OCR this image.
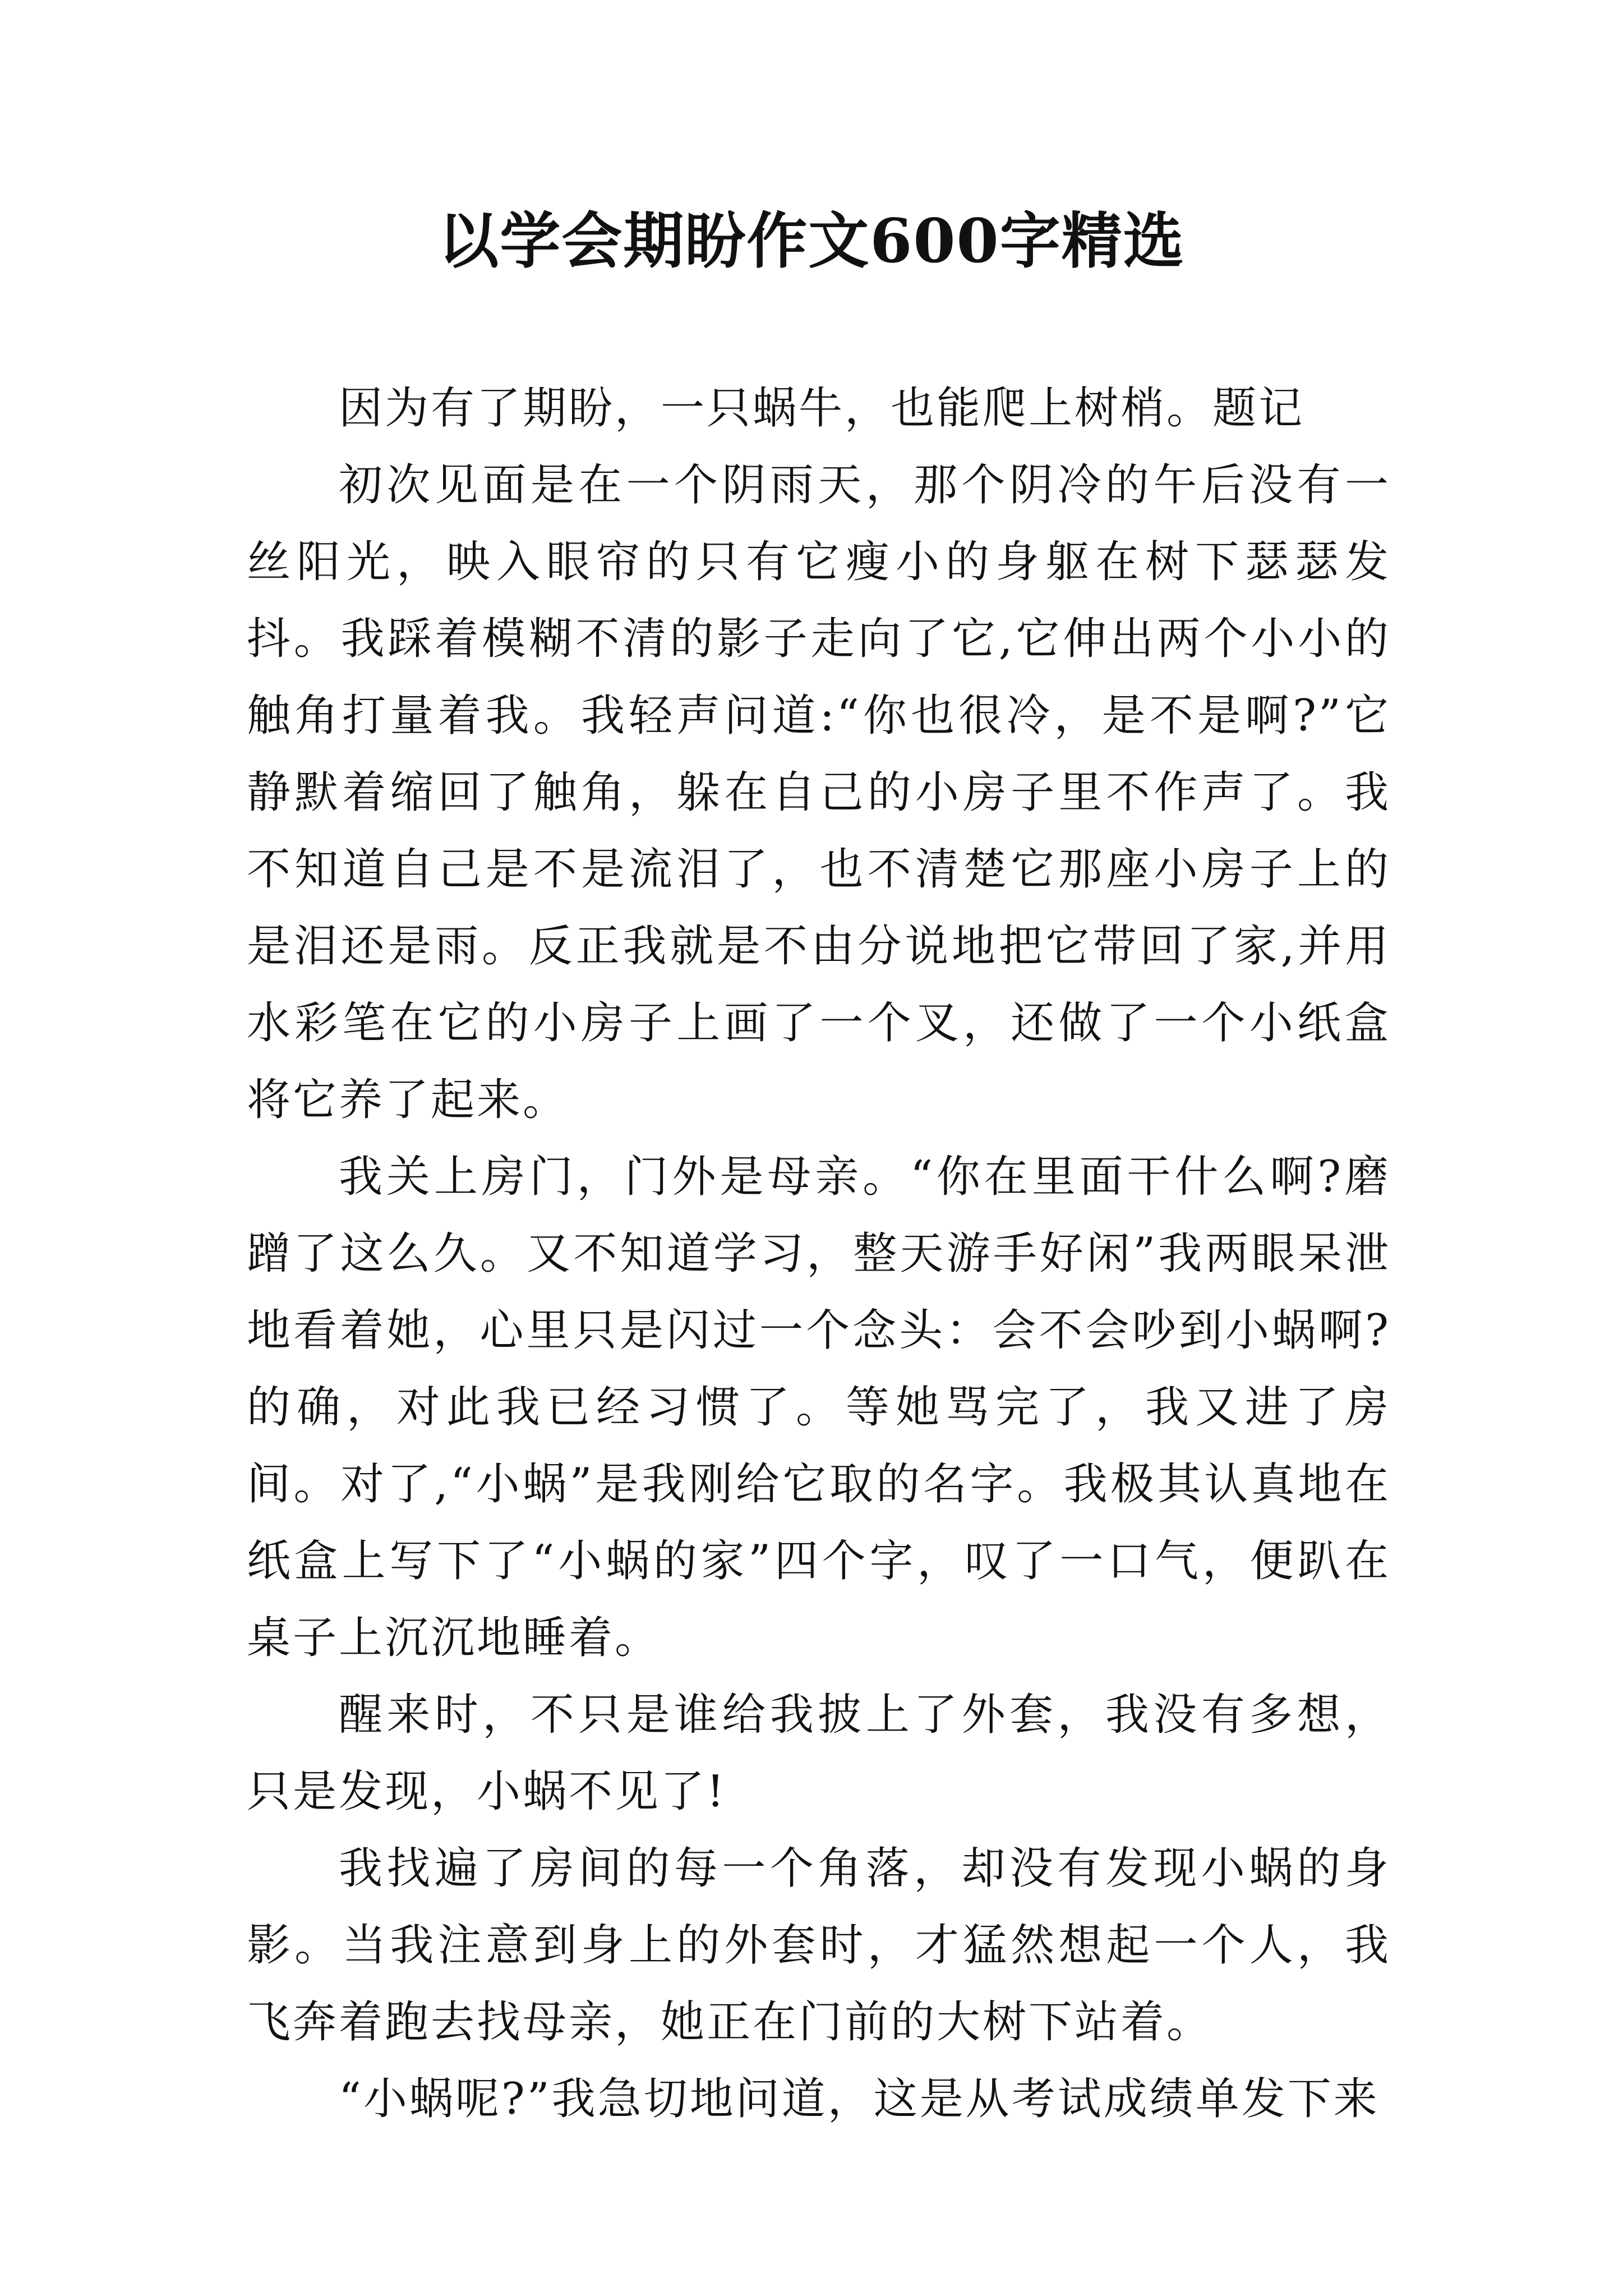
以学会期盼作文600字精选

因为有了期盼，一只蜗牛，也能爬上树梢。题记

初次见面是在一个阴雨天，那个阴冷的午后没有一丝阳光，映入眼帘的只有它瘦小的身躯在树下瑟瑟发抖。我踩着模糊不清的影子走向了它,它伸出两个小小的触角打量着我。我轻声问道:“你也很冷，是不是啊?”它静默着缩回了触角，躲在自己的小房子里不作声了。我不知道自己是不是流泪了，也不清楚它那座小房子上的是泪还是雨。反正我就是不由分说地把它带回了家,并用水彩笔在它的小房子上画了一个叉，还做了一个小纸盒将它养了起来。

我关上房门，门外是母亲。“你在里面干什么啊?磨蹭了这么久。又不知道学习，整天游手好闲”我两眼呆泄地看着她，心里只是闪过一个念头：会不会吵到小蜗啊?的确，对此我已经习惯了。等她骂完了，我又进了房间。对了,“小蜗”是我刚给它取的名字。我极其认真地在纸盒上写下了“小蜗的家”四个字，叹了一口气，便趴在桌子上沉沉地睡着。

醒来时，不只是谁给我披上了外套，我没有多想，只是发现，小蜗不见了!

我找遍了房间的每一个角落，却没有发现小蜗的身影。当我注意到身上的外套时，才猛然想起一个人，我飞奔着跑去找母亲，她正在门前的大树下站着。

“小蜗呢?”我急切地问道，这是从考试成绩单发下来
